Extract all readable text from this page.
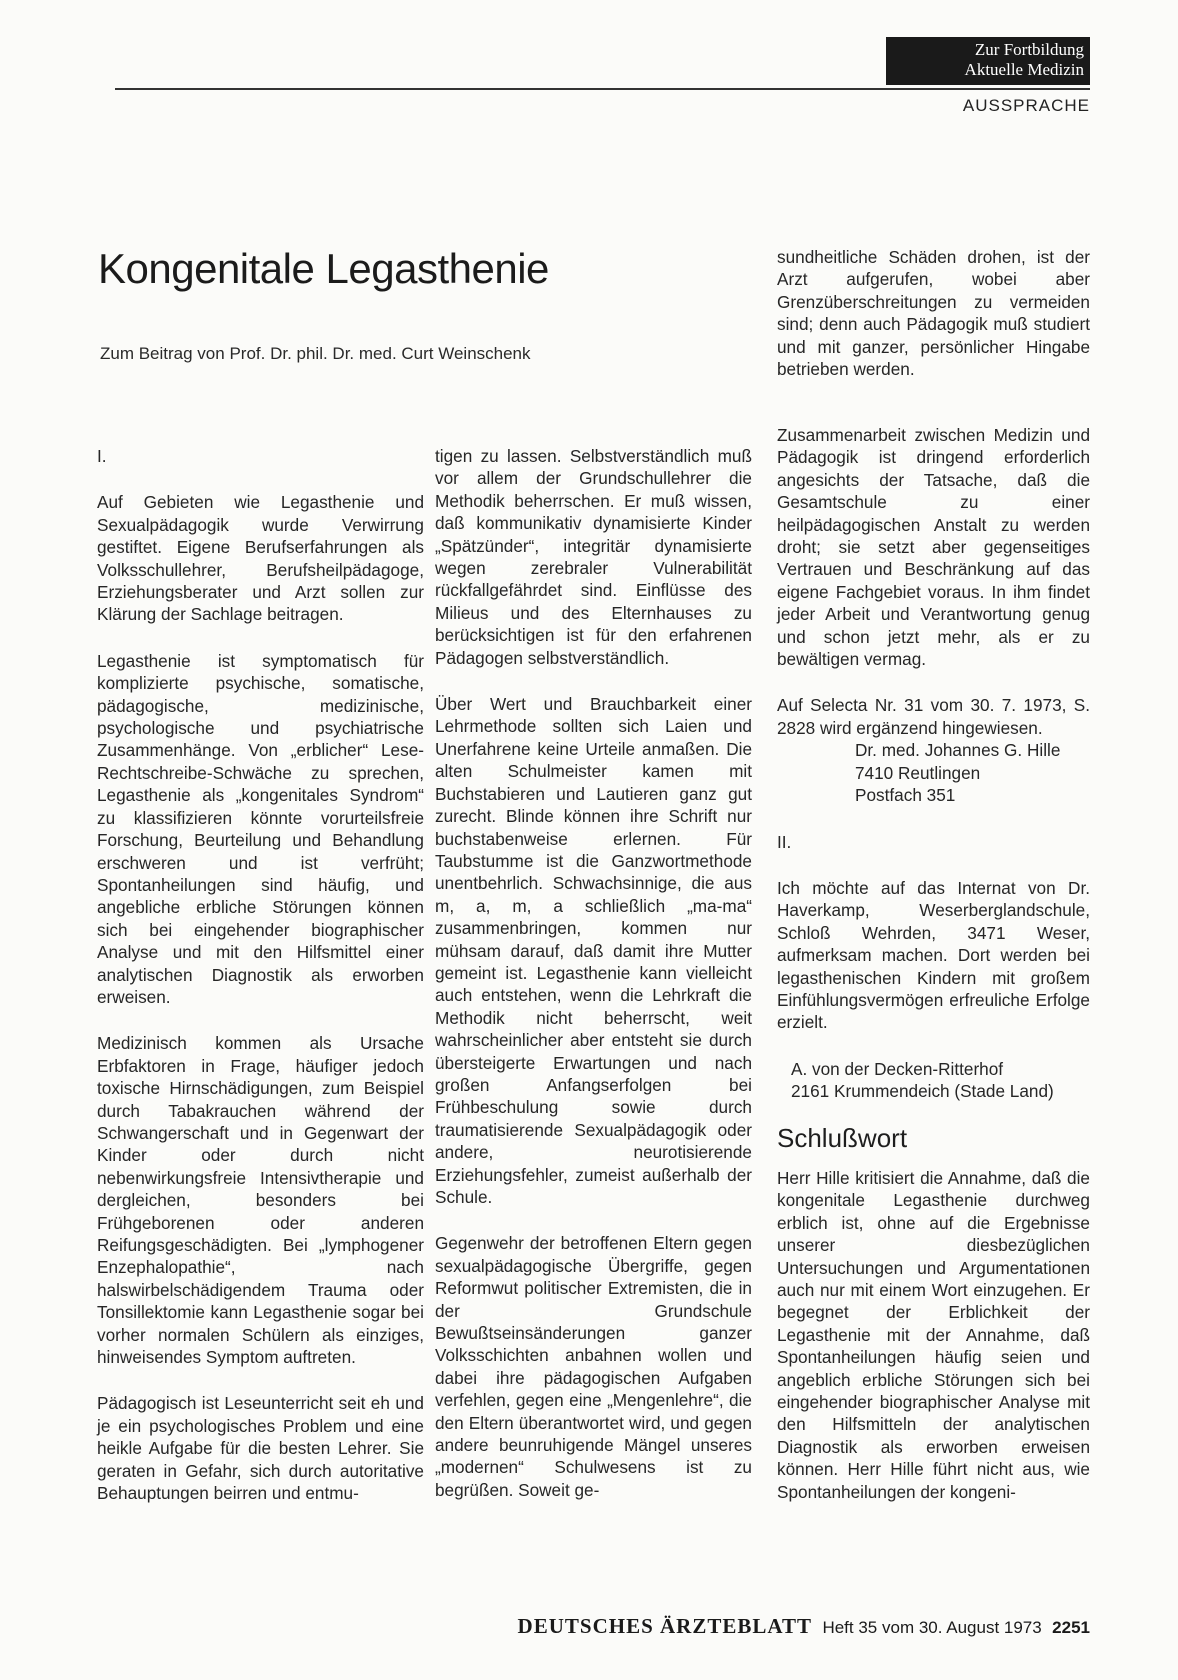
Zur Fortbildung
Aktuelle Medizin
AUSSPRACHE
Kongenitale Legasthenie
Zum Beitrag von Prof. Dr. phil. Dr. med. Curt Weinschenk
I.

Auf Gebieten wie Legasthenie und Sexualpädagogik wurde Verwirrung gestiftet. Eigene Berufserfahrungen als Volksschullehrer, Berufsheilpädagoge, Erziehungsberater und Arzt sollen zur Klärung der Sachlage beitragen.

Legasthenie ist symptomatisch für komplizierte psychische, somatische, pädagogische, medizinische, psychologische und psychiatrische Zusammenhänge. Von „erblicher“ Lese-Rechtschreibe-Schwäche zu sprechen, Legasthenie als „kongenitales Syndrom“ zu klassifizieren könnte vorurteilsfreie Forschung, Beurteilung und Behandlung erschweren und ist verfrüht; Spontanheilungen sind häufig, und angebliche erbliche Störungen können sich bei eingehender biographischer Analyse und mit den Hilfsmittel einer analytischen Diagnostik als erworben erweisen.

Medizinisch kommen als Ursache Erbfaktoren in Frage, häufiger jedoch toxische Hirnschädigungen, zum Beispiel durch Tabakrauchen während der Schwangerschaft und in Gegenwart der Kinder oder durch nicht nebenwirkungsfreie Intensivtherapie und dergleichen, besonders bei Frühgeborenen oder anderen Reifungsgeschädigten. Bei „lymphogener Enzephalopathie“, nach halswirbelschädigendem Trauma oder Tonsillektomie kann Legasthenie sogar bei vorher normalen Schülern als einziges, hinweisendes Symptom auftreten.

Pädagogisch ist Leseunterricht seit eh und je ein psychologisches Problem und eine heikle Aufgabe für die besten Lehrer. Sie geraten in Gefahr, sich durch autoritative Behauptungen beirren und entmu-

tigen zu lassen. Selbstverständlich muß vor allem der Grundschullehrer die Methodik beherrschen. Er muß wissen, daß kommunikativ dynamisierte Kinder „Spätzünder“, integritär dynamisierte wegen zerebraler Vulnerabilität rückfallgefährdet sind. Einflüsse des Milieus und des Elternhauses zu berücksichtigen ist für den erfahrenen Pädagogen selbstverständlich.

Über Wert und Brauchbarkeit einer Lehrmethode sollten sich Laien und Unerfahrene keine Urteile anmaßen. Die alten Schulmeister kamen mit Buchstabieren und Lautieren ganz gut zurecht. Blinde können ihre Schrift nur buchstabenweise erlernen. Für Taubstumme ist die Ganzwortmethode unentbehrlich. Schwachsinnige, die aus m, a, m, a schließlich „ma-ma“ zusammenbringen, kommen nur mühsam darauf, daß damit ihre Mutter gemeint ist. Legasthenie kann vielleicht auch entstehen, wenn die Lehrkraft die Methodik nicht beherrscht, weit wahrscheinlicher aber entsteht sie durch übersteigerte Erwartungen und nach großen Anfangserfolgen bei Frühbeschulung sowie durch traumatisierende Sexualpädagogik oder andere, neurotisierende Erziehungsfehler, zumeist außerhalb der Schule.

Gegenwehr der betroffenen Eltern gegen sexualpädagogische Übergriffe, gegen Reformwut politischer Extremisten, die in der Grundschule Bewußtseinsänderungen ganzer Volksschichten anbahnen wollen und dabei ihre pädagogischen Aufgaben verfehlen, gegen eine „Mengenlehre“, die den Eltern überantwortet wird, und gegen andere beunruhigende Mängel unseres „modernen“ Schulwesens ist zu begrüßen. Soweit ge-

sundheitliche Schäden drohen, ist der Arzt aufgerufen, wobei aber Grenzüberschreitungen zu vermeiden sind; denn auch Pädagogik muß studiert und mit ganzer, persönlicher Hingabe betrieben werden.

Zusammenarbeit zwischen Medizin und Pädagogik ist dringend erforderlich angesichts der Tatsache, daß die Gesamtschule zu einer heilpädagogischen Anstalt zu werden droht; sie setzt aber gegenseitiges Vertrauen und Beschränkung auf das eigene Fachgebiet voraus. In ihm findet jeder Arbeit und Verantwortung genug und schon jetzt mehr, als er zu bewältigen vermag.

Auf Selecta Nr. 31 vom 30. 7. 1973, S. 2828 wird ergänzend hingewiesen.

Dr. med. Johannes G. Hille
7410 Reutlingen
Postfach 351
II.

Ich möchte auf das Internat von Dr. Haverkamp, Weserberglandschule, Schloß Wehrden, 3471 Weser, aufmerksam machen. Dort werden bei legasthenischen Kindern mit großem Einfühlungsvermögen erfreuliche Erfolge erzielt.

A. von der Decken-Ritterhof
2161 Krummendeich (Stade Land)
Schlußwort

Herr Hille kritisiert die Annahme, daß die kongenitale Legasthenie durchweg erblich ist, ohne auf die Ergebnisse unserer diesbezüglichen Untersuchungen und Argumentationen auch nur mit einem Wort einzugehen. Er begegnet der Erblichkeit der Legasthenie mit der Annahme, daß Spontanheilungen häufig seien und angeblich erbliche Störungen sich bei eingehender biographischer Analyse mit den Hilfsmitteln der analytischen Diagnostik als erworben erweisen können. Herr Hille führt nicht aus, wie Spontanheilungen der kongeni-

DEUTSCHES ÄRZTEBLATT Heft 35 vom 30. August 1973 2251
